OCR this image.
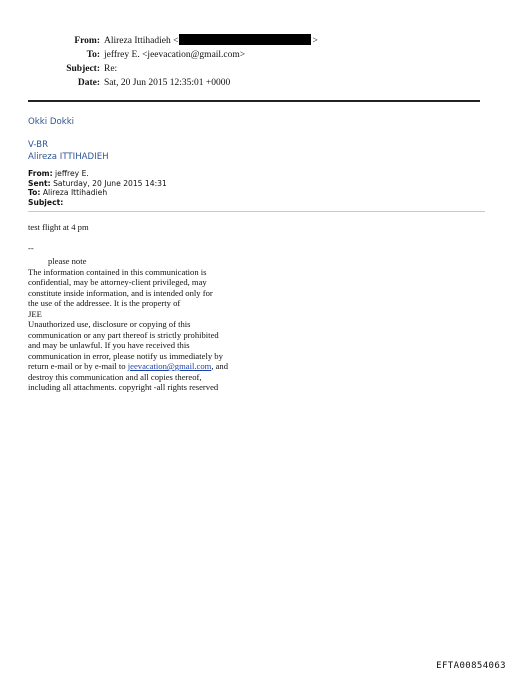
From: Alireza Ittihadieh <	>
To: jeffrey E. <jeevacation@gmail.com>
Subject: Re:
Date: Sat, 20 Jun 2015 12:35:01 +0000
Okki Dokki
V-BR
Alireza ITTIHADIEH
From: jeffrey E.
Sent: Saturday, 20 June 2015 14:31
To: Alireza Ittihadieh
Subject:
test flight at 4 pm
--
please note
The information contained in this communication is
confidential, may be attorney-client privileged, may
constitute inside information, and is intended only for
the use of the addressee. It is the property of
JEE
Unauthorized use, disclosure or copying of this
communication or any part thereof is strictly prohibited
and may be unlawful. If you have received this
communication in error, please notify us immediately by
return e-mail or by e-mail to jeevacation@gmail.com, and
destroy this communication and all copies thereof,
including all attachments. copyright -all rights reserved
EFTA00854063
